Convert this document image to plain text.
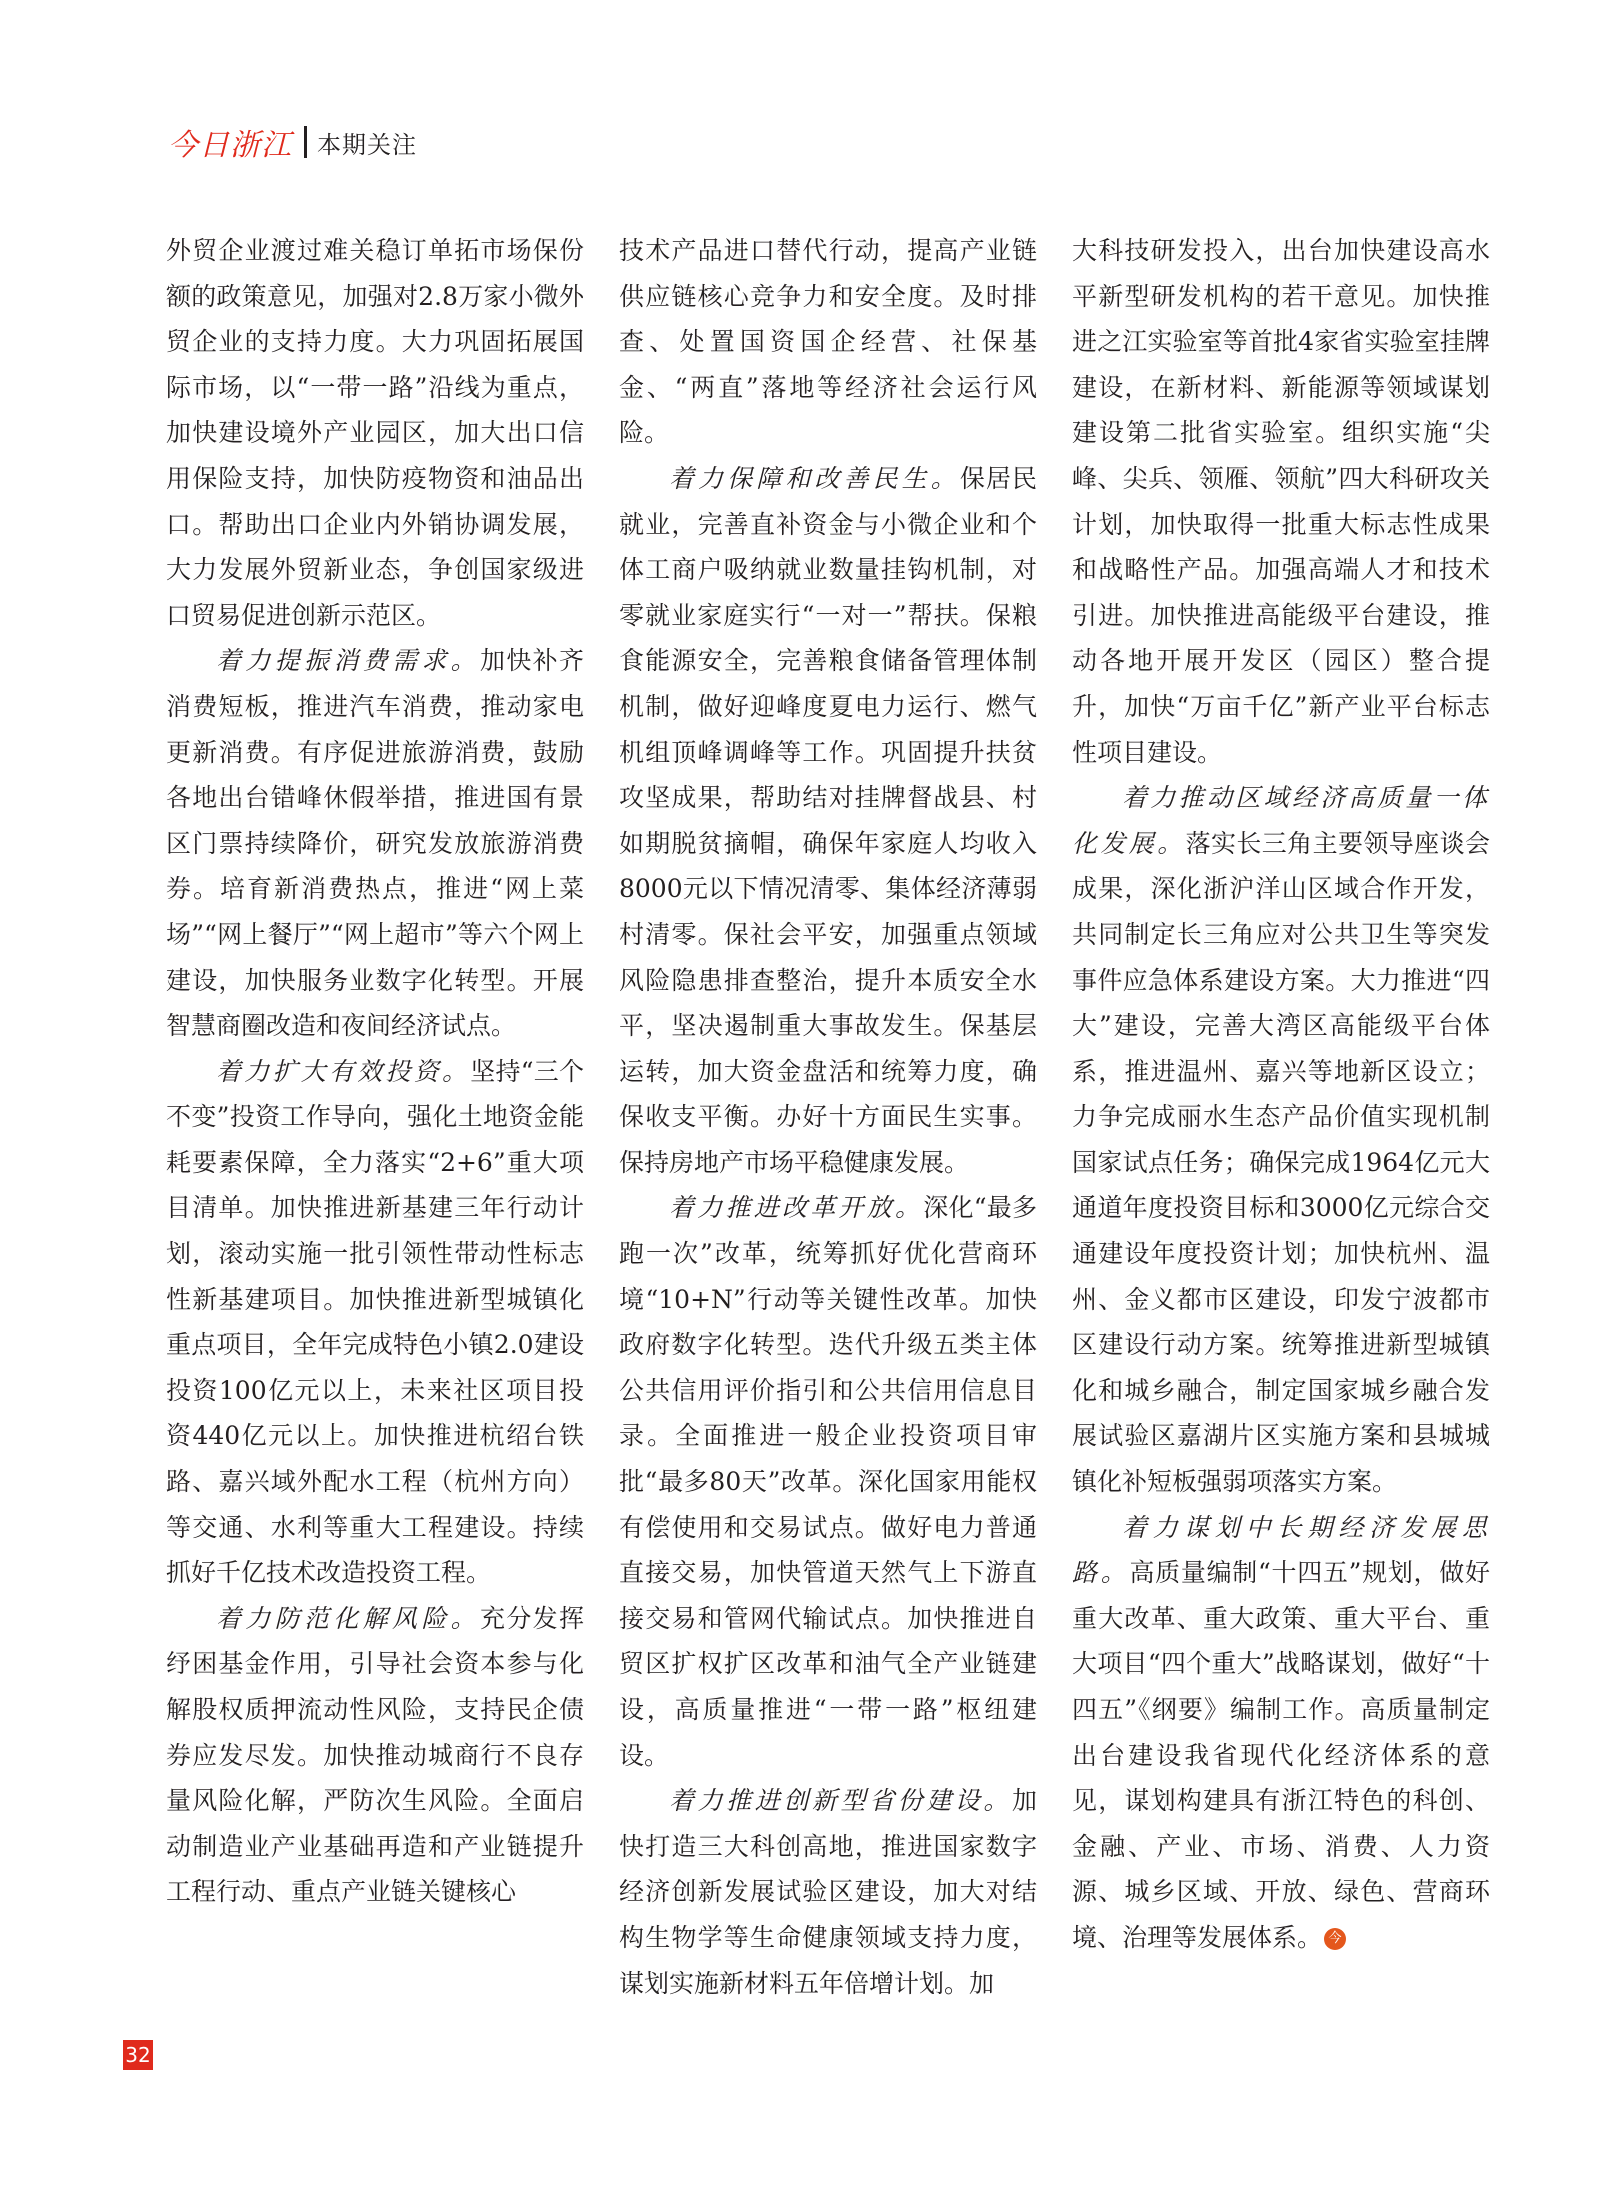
今日浙江 本期关注

外贸企业渡过难关稳订单拓市场保份额的政策意见，加强对2.8万家小微外贸企业的支持力度。大力巩固拓展国际市场，以“一带一路”沿线为重点，加快建设境外产业园区，加大出口信用保险支持，加快防疫物资和油品出口。帮助出口企业内外销协调发展，大力发展外贸新业态，争创国家级进口贸易促进创新示范区。

着力提振消费需求。加快补齐消费短板，推进汽车消费，推动家电更新消费。有序促进旅游消费，鼓励各地出台错峰休假举措，推进国有景区门票持续降价，研究发放旅游消费券。培育新消费热点，推进“网上菜场”“网上餐厅”“网上超市”等六个网上建设，加快服务业数字化转型。开展智慧商圈改造和夜间经济试点。

着力扩大有效投资。坚持“三个不变”投资工作导向，强化土地资金能耗要素保障，全力落实“2+6”重大项目清单。加快推进新基建三年行动计划，滚动实施一批引领性带动性标志性新基建项目。加快推进新型城镇化重点项目，全年完成特色小镇2.0建设投资100亿元以上，未来社区项目投资440亿元以上。加快推进杭绍台铁路、嘉兴域外配水工程（杭州方向）等交通、水利等重大工程建设。持续抓好千亿技术改造投资工程。

着力防范化解风险。充分发挥纾困基金作用，引导社会资本参与化解股权质押流动性风险，支持民企债券应发尽发。加快推动城商行不良存量风险化解，严防次生风险。全面启动制造业产业基础再造和产业链提升工程行动、重点产业链关键核心

技术产品进口替代行动，提高产业链供应链核心竞争力和安全度。及时排查、处置国资国企经营、社保基金、“两直”落地等经济社会运行风险。

着力保障和改善民生。保居民就业，完善直补资金与小微企业和个体工商户吸纳就业数量挂钩机制，对零就业家庭实行“一对一”帮扶。保粮食能源安全，完善粮食储备管理体制机制，做好迎峰度夏电力运行、燃气机组顶峰调峰等工作。巩固提升扶贫攻坚成果，帮助结对挂牌督战县、村如期脱贫摘帽，确保年家庭人均收入8000元以下情况清零、集体经济薄弱村清零。保社会平安，加强重点领域风险隐患排查整治，提升本质安全水平，坚决遏制重大事故发生。保基层运转，加大资金盘活和统筹力度，确保收支平衡。办好十方面民生实事。保持房地产市场平稳健康发展。

着力推进改革开放。深化“最多跑一次”改革，统筹抓好优化营商环境“10+N”行动等关键性改革。加快政府数字化转型。迭代升级五类主体公共信用评价指引和公共信用信息目录。全面推进一般企业投资项目审批“最多80天”改革。深化国家用能权有偿使用和交易试点。做好电力普通直接交易，加快管道天然气上下游直接交易和管网代输试点。加快推进自贸区扩权扩区改革和油气全产业链建设，高质量推进“一带一路”枢纽建设。

着力推进创新型省份建设。加快打造三大科创高地，推进国家数字经济创新发展试验区建设，加大对结构生物学等生命健康领域支持力度，谋划实施新材料五年倍增计划。加

大科技研发投入，出台加快建设高水平新型研发机构的若干意见。加快推进之江实验室等首批4家省实验室挂牌建设，在新材料、新能源等领域谋划建设第二批省实验室。组织实施“尖峰、尖兵、领雁、领航”四大科研攻关计划，加快取得一批重大标志性成果和战略性产品。加强高端人才和技术引进。加快推进高能级平台建设，推动各地开展开发区（园区）整合提升，加快“万亩千亿”新产业平台标志性项目建设。

着力推动区域经济高质量一体化发展。落实长三角主要领导座谈会成果，深化浙沪洋山区域合作开发，共同制定长三角应对公共卫生等突发事件应急体系建设方案。大力推进“四大”建设，完善大湾区高能级平台体系，推进温州、嘉兴等地新区设立；力争完成丽水生态产品价值实现机制国家试点任务；确保完成1964亿元大通道年度投资目标和3000亿元综合交通建设年度投资计划；加快杭州、温州、金义都市区建设，印发宁波都市区建设行动方案。统筹推进新型城镇化和城乡融合，制定国家城乡融合发展试验区嘉湖片区实施方案和县城城镇化补短板强弱项落实方案。

着力谋划中长期经济发展思路。高质量编制“十四五”规划，做好重大改革、重大政策、重大平台、重大项目“四个重大”战略谋划，做好“十四五”《纲要》编制工作。高质量制定出台建设我省现代化经济体系的意见，谋划构建具有浙江特色的科创、金融、产业、市场、消费、人力资源、城乡区域、开放、绿色、营商环境、治理等发展体系。 今

32
